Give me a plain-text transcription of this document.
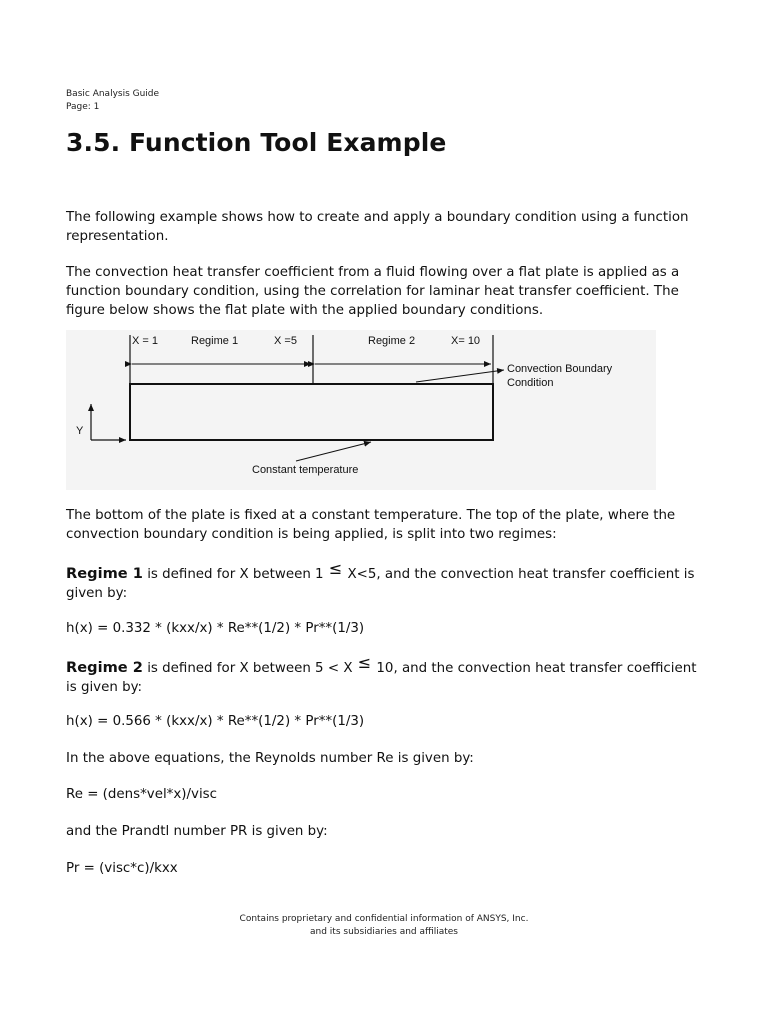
Basic Analysis Guide
Page: 1
3.5. Function Tool Example

The following example shows how to create and apply a boundary condition using a function representation.

The convection heat transfer coefficient from a fluid flowing over a flat plate is applied as a function boundary condition, using the correlation for laminar heat transfer coefficient. The figure below shows the flat plate with the applied boundary conditions.

X = 1	Regime 1	X =5	Regime 2	X= 10
Convection Boundary
Condition
Y
Constant temperature

The bottom of the plate is fixed at a constant temperature. The top of the plate, where the convection boundary condition is being applied, is split into two regimes:

Regime 1 is defined for X between 1 ≤ X<5, and the convection heat transfer coefficient is given by:

h(x) = 0.332 * (kxx/x) * Re**(1/2) * Pr**(1/3)

Regime 2 is defined for X between 5 < X ≤ 10, and the convection heat transfer coefficient is given by:

h(x) = 0.566 * (kxx/x) * Re**(1/2) * Pr**(1/3)

In the above equations, the Reynolds number Re is given by:

Re = (dens*vel*x)/visc

and the Prandtl number PR is given by:

Pr = (visc*c)/kxx

Contains proprietary and confidential information of ANSYS, Inc.
and its subsidiaries and affiliates
